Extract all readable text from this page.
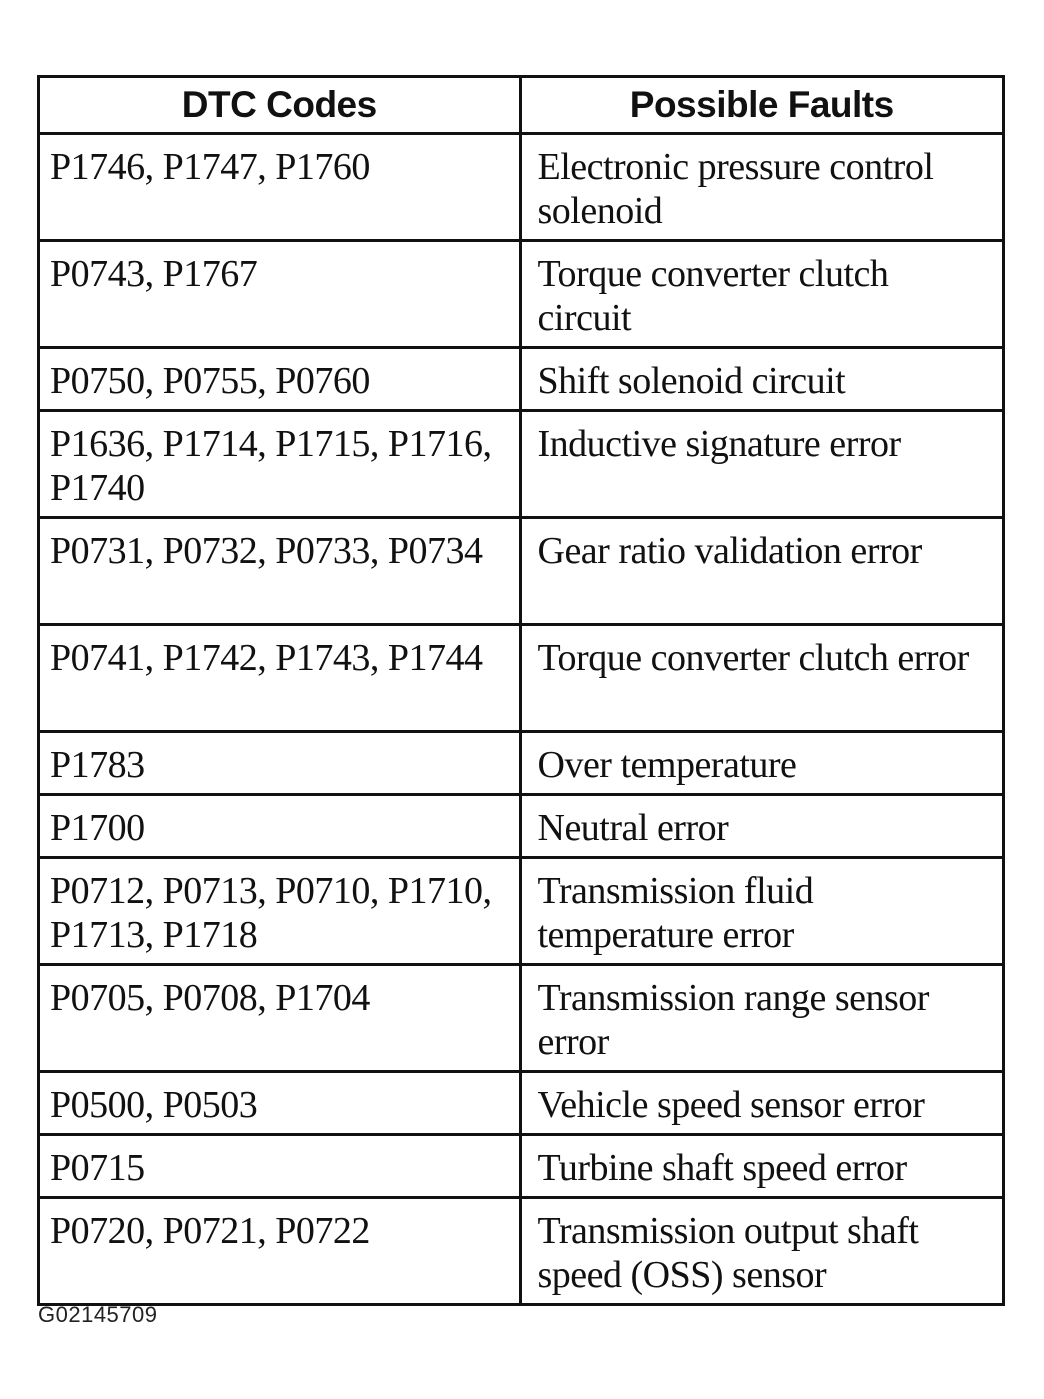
DTC Codes	Possible Faults
P1746, P1747, P1760	Electronic pressure control solenoid
P0743, P1767	Torque converter clutch circuit
P0750, P0755, P0760	Shift solenoid circuit
P1636, P1714, P1715, P1716, P1740	Inductive signature error
P0731, P0732, P0733, P0734	Gear ratio validation error
P0741, P1742, P1743, P1744	Torque converter clutch error
P1783	Over temperature
P1700	Neutral error
P0712, P0713, P0710, P1710, P1713, P1718	Transmission fluid temperature error
P0705, P0708, P1704	Transmission range sensor error
P0500, P0503	Vehicle speed sensor error
P0715	Turbine shaft speed error
P0720, P0721, P0722	Transmission output shaft speed (OSS) sensor
G02145709
